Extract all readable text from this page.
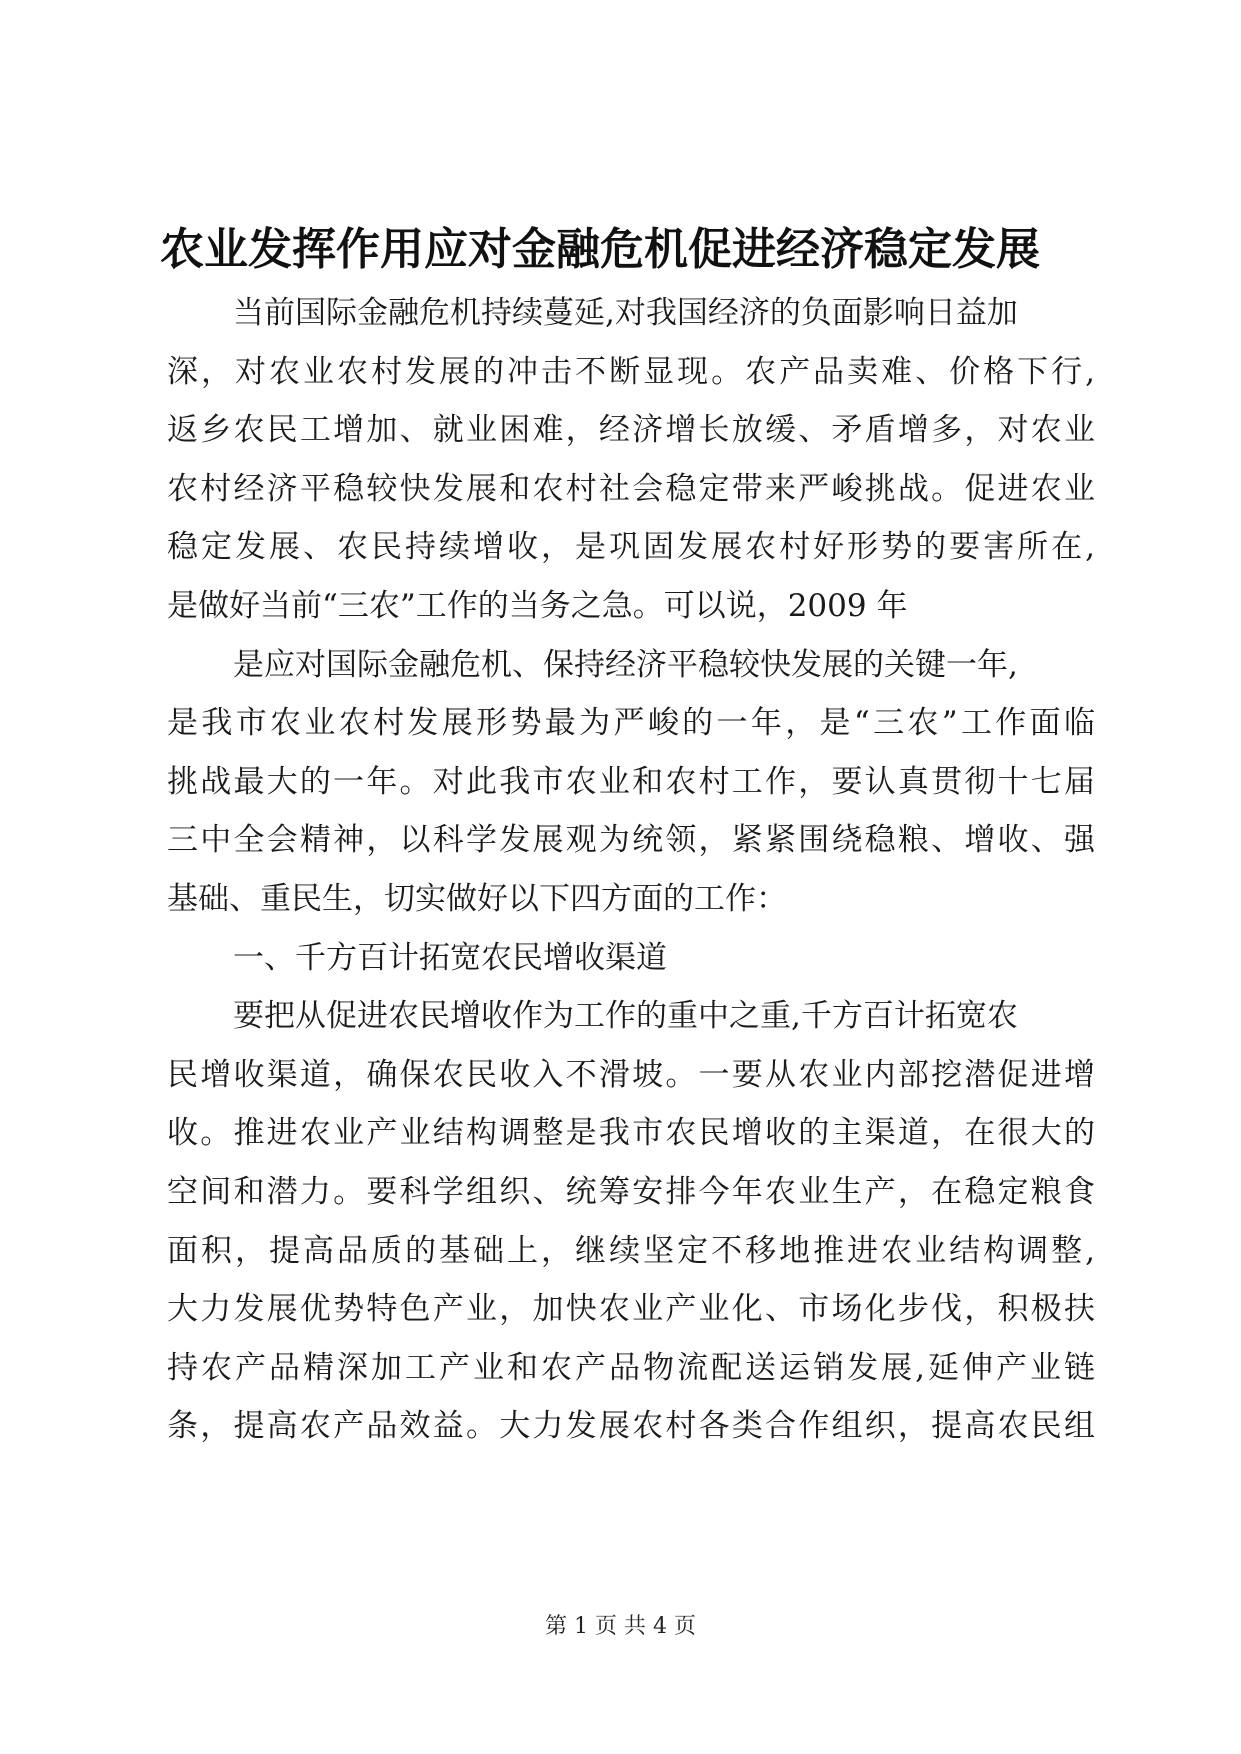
农业发挥作用应对金融危机促进经济稳定发展
当前国际金融危机持续蔓延,对我国经济的负面影响日益加
深，对农业农村发展的冲击不断显现。农产品卖难、价格下行,
返乡农民工增加、就业困难，经济增长放缓、矛盾增多，对农业
农村经济平稳较快发展和农村社会稳定带来严峻挑战。促进农业
稳定发展、农民持续增收，是巩固发展农村好形势的要害所在,
是做好当前“三农”工作的当务之急。可以说，2009 年
是应对国际金融危机、保持经济平稳较快发展的关键一年,
是我市农业农村发展形势最为严峻的一年，是“三农”工作面临
挑战最大的一年。对此我市农业和农村工作，要认真贯彻十七届
三中全会精神，以科学发展观为统领，紧紧围绕稳粮、增收、强
基础、重民生，切实做好以下四方面的工作：
一、千方百计拓宽农民增收渠道
要把从促进农民增收作为工作的重中之重,千方百计拓宽农
民增收渠道，确保农民收入不滑坡。一要从农业内部挖潜促进增
收。推进农业产业结构调整是我市农民增收的主渠道，在很大的
空间和潜力。要科学组织、统筹安排今年农业生产，在稳定粮食
面积，提高品质的基础上，继续坚定不移地推进农业结构调整,
大力发展优势特色产业，加快农业产业化、市场化步伐，积极扶
持农产品精深加工产业和农产品物流配送运销发展,延伸产业链
条，提高农产品效益。大力发展农村各类合作组织，提高农民组
第 1 页 共 4 页
